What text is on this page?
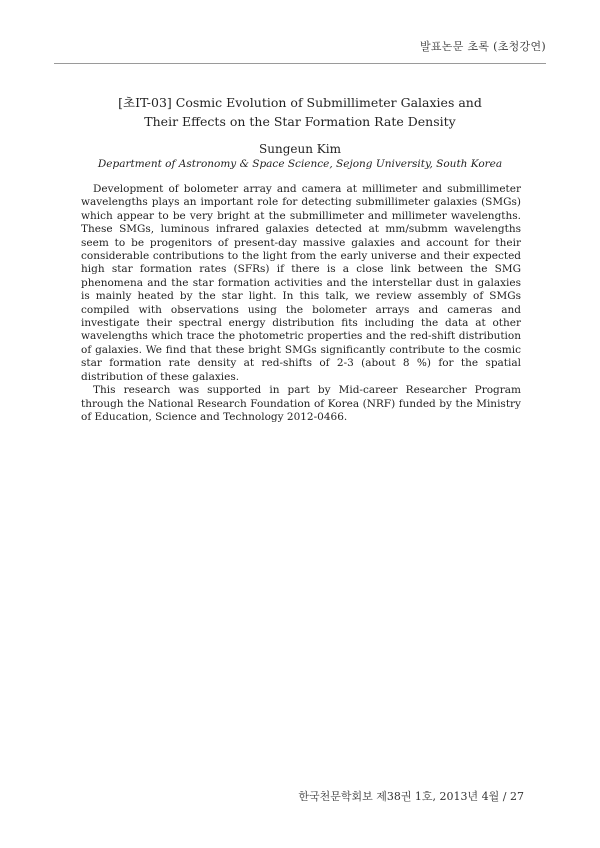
발표논문 초록 (초청강연)
[초IT-03] Cosmic Evolution of Submillimeter Galaxies and
Their Effects on the Star Formation Rate Density
Sungeun Kim
Department of Astronomy & Space Science, Sejong University, South Korea

Development of bolometer array and camera at millimeter and submillimeter wavelengths plays an important role for detecting submillimeter galaxies (SMGs) which appear to be very bright at the submillimeter and millimeter wavelengths. These SMGs, luminous infrared galaxies detected at mm/submm wavelengths seem to be progenitors of present-day massive galaxies and account for their considerable contributions to the light from the early universe and their expected high star formation rates (SFRs) if there is a close link between the SMG phenomena and the star formation activities and the interstellar dust in galaxies is mainly heated by the star light. In this talk, we review assembly of SMGs compiled with observations using the bolometer arrays and cameras and investigate their spectral energy distribution fits including the data at other wavelengths which trace the photometric properties and the red-shift distribution of galaxies. We find that these bright SMGs significantly contribute to the cosmic star formation rate density at red-shifts of 2-3 (about 8 %) for the spatial distribution of these galaxies.

This research was supported in part by Mid-career Researcher Program through the National Research Foundation of Korea (NRF) funded by the Ministry of Education, Science and Technology 2012-0466.

한국천문학회보 제38권 1호, 2013년 4월 / 27
